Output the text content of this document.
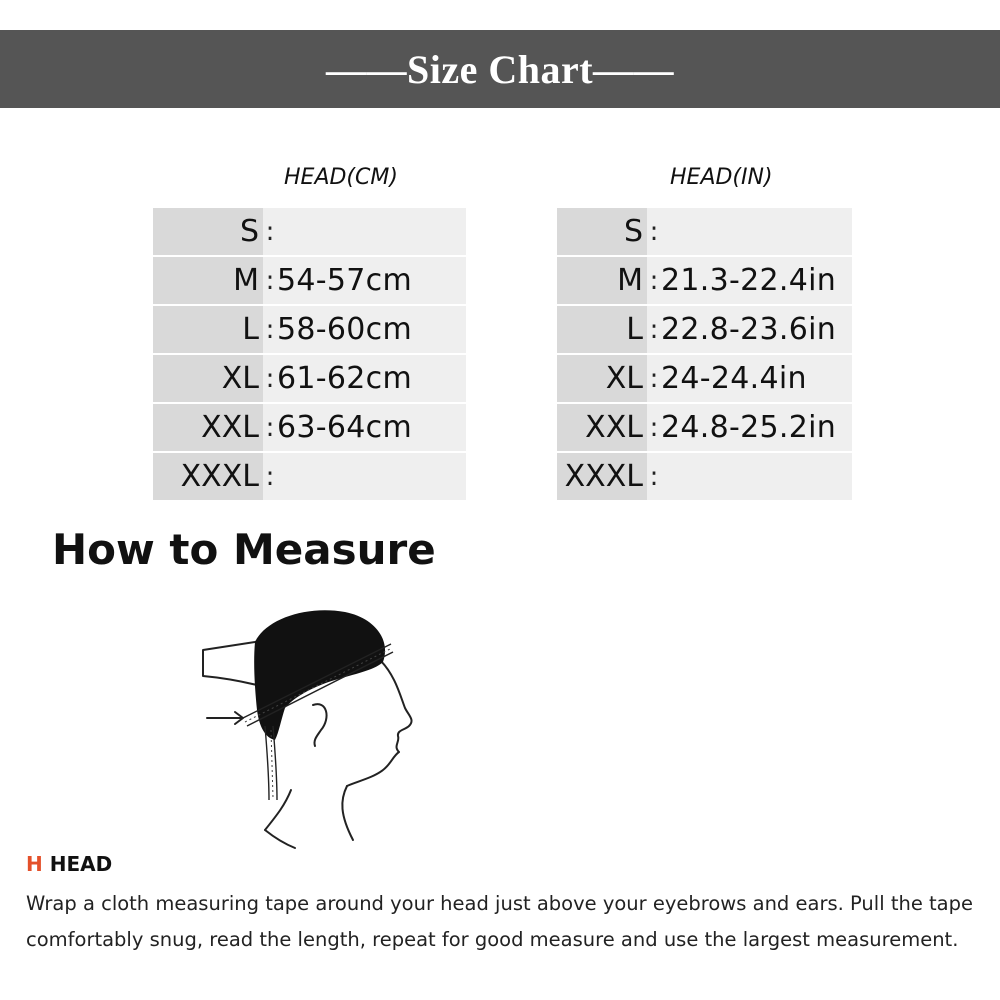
——Size Chart——
HEAD(CM)
S	:	
M	:	54-57cm
L	:	58-60cm
XL	:	61-62cm
XXL	:	63-64cm
XXXL	:	
HEAD(IN)
S	:	
M	:	21.3-22.4in
L	:	22.8-23.6in
XL	:	24-24.4in
XXL	:	24.8-25.2in
XXXL	:	
How to Measure
H HEAD

Wrap a cloth measuring tape around your head just above your eyebrows and ears. Pull the tape
comfortably snug, read the length, repeat for good measure and use the largest measurement.
